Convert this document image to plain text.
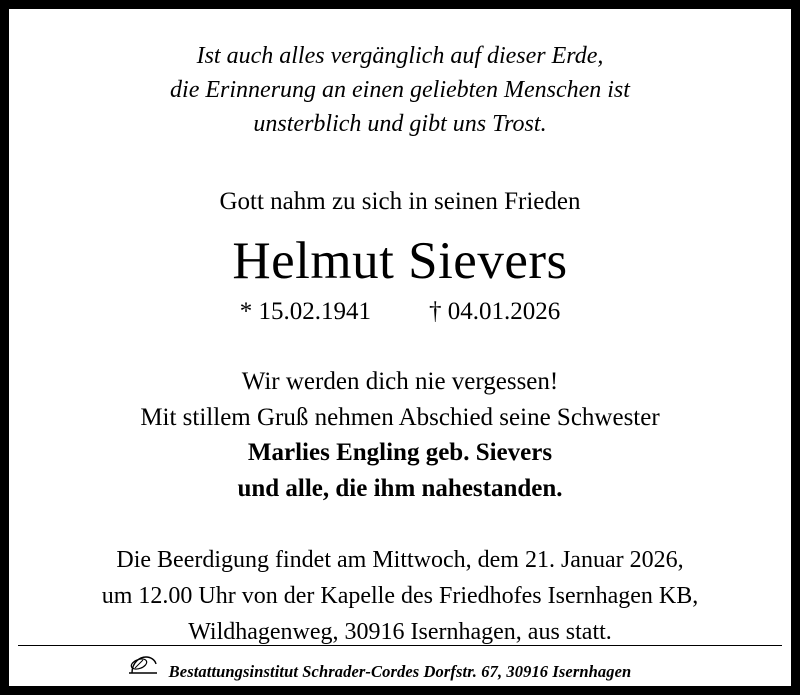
Ist auch alles vergänglich auf dieser Erde,
die Erinnerung an einen geliebten Menschen ist
unsterblich und gibt uns Trost.
Gott nahm zu sich in seinen Frieden
Helmut Sievers
* 15.02.1941 † 04.01.2026
Wir werden dich nie vergessen!
Mit stillem Gruß nehmen Abschied seine Schwester
Marlies Engling geb. Sievers
und alle, die ihm nahestanden.
Die Beerdigung findet am Mittwoch, dem 21. Januar 2026,
um 12.00 Uhr von der Kapelle des Friedhofes Isernhagen KB,
Wildhagenweg, 30916 Isernhagen, aus statt.
Bestattungsinstitut Schrader-Cordes Dorfstr. 67, 30916 Isernhagen
